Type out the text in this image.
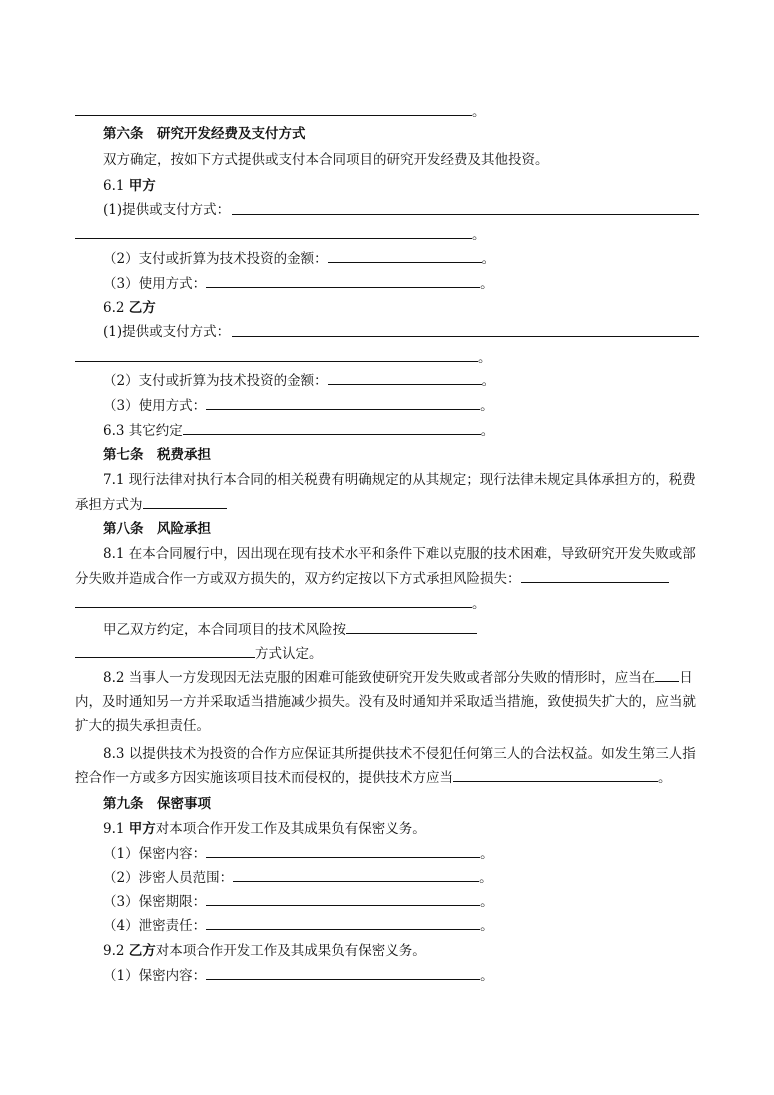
。
第六条　研究开发经费及支付方式
双方确定，按如下方式提供或支付本合同项目的研究开发经费及其他投资。
6.1 甲方
(1)提供或支付方式：
。
（2）支付或折算为技术投资的金额：	。
（3）使用方式：	。
6.2 乙方
(1)提供或支付方式：
。
（2）支付或折算为技术投资的金额：	。
（3）使用方式：	。
6.3 其它约定	。
第七条　税费承担
7.1 现行法律对执行本合同的相关税费有明确规定的从其规定；现行法律未规定具体承担方的，税费
承担方式为
第八条　风险承担
8.1 在本合同履行中，因出现在现有技术水平和条件下难以克服的技术困难，导致研究开发失败或部
分失败并造成合作一方或双方损失的，双方约定按以下方式承担风险损失：
。
甲乙双方约定，本合同项目的技术风险按
方式认定。
8.2 当事人一方发现因无法克服的困难可能致使研究开发失败或者部分失败的情形时，应当在 日
内，及时通知另一方并采取适当措施减少损失。没有及时通知并采取适当措施，致使损失扩大的，应当就
扩大的损失承担责任。
8.3 以提供技术为投资的合作方应保证其所提供技术不侵犯任何第三人的合法权益。如发生第三人指
控合作一方或多方因实施该项目技术而侵权的，提供技术方应当	。
第九条　保密事项
9.1 甲方对本项合作开发工作及其成果负有保密义务。
（1）保密内容：	。
（2）涉密人员范围：	。
（3）保密期限：	。
（4）泄密责任：	。
9.2 乙方对本项合作开发工作及其成果负有保密义务。
（1）保密内容：	。
